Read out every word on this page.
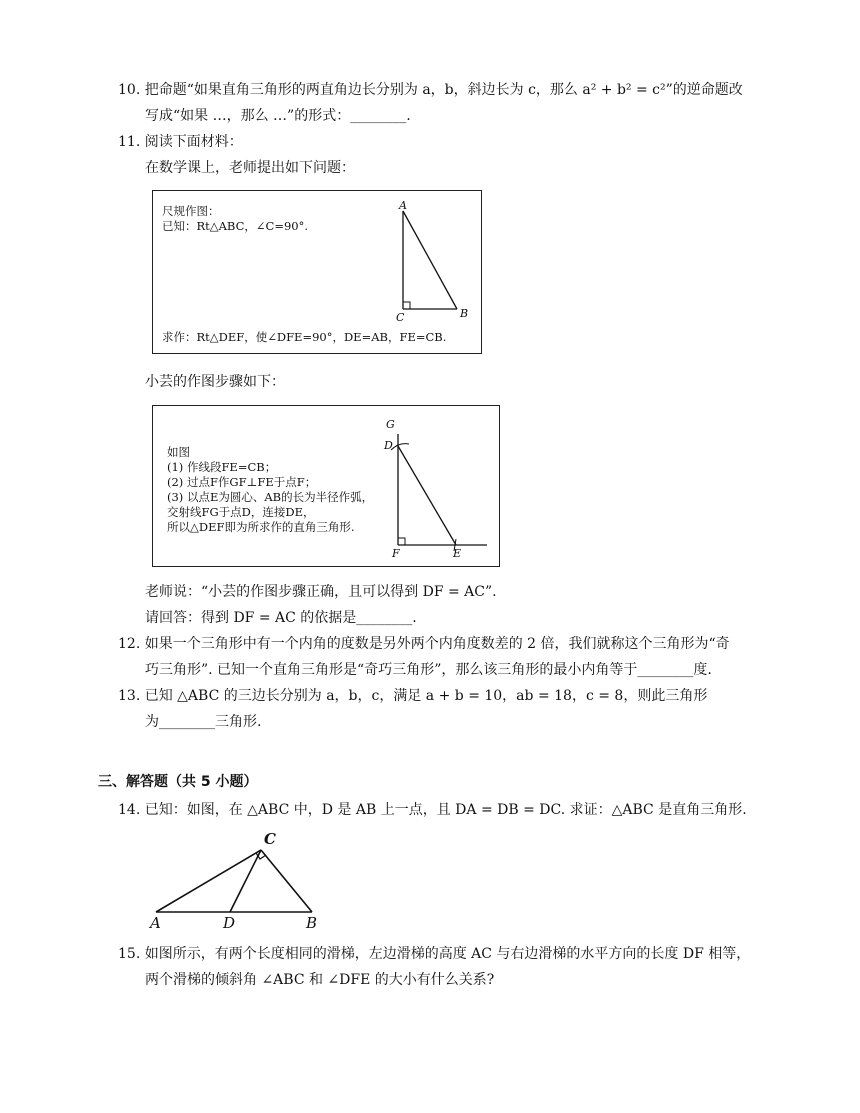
10. 把命题“如果直角三角形的两直角边长分别为 a，b，斜边长为 c，那么 a² + b² = c²”的逆命题改
写成“如果 …，那么 …”的形式：________.
11. 阅读下面材料：
在数学课上，老师提出如下问题：
尺规作图：
已知：Rt△ABC，∠C=90°.
求作：Rt△DEF，使∠DFE=90°，DE=AB，FE=CB.
A
C	B
小芸的作图步骤如下：
如图
(1) 作线段FE=CB；
(2) 过点F作GF⊥FE于点F；
(3) 以点E为圆心、AB的长为半径作弧，
交射线FG于点D，连接DE，
所以△DEF即为所求作的直角三角形.
G
D
F	E
老师说：“小芸的作图步骤正确，且可以得到 DF = AC”.
请回答：得到 DF = AC 的依据是________.
12. 如果一个三角形中有一个内角的度数是另外两个内角度数差的 2 倍，我们就称这个三角形为“奇
巧三角形”. 已知一个直角三角形是“奇巧三角形”，那么该三角形的最小内角等于________度.
13. 已知 △ABC 的三边长分别为 a，b，c，满足 a + b = 10，ab = 18，c = 8，则此三角形
为________三角形.
三、解答题（共 5 小题）
14. 已知：如图，在 △ABC 中，D 是 AB 上一点，且 DA = DB = DC. 求证：△ABC 是直角三角形.
C
A	D	B
15. 如图所示，有两个长度相同的滑梯，左边滑梯的高度 AC 与右边滑梯的水平方向的长度 DF 相等，
两个滑梯的倾斜角 ∠ABC 和 ∠DFE 的大小有什么关系?
